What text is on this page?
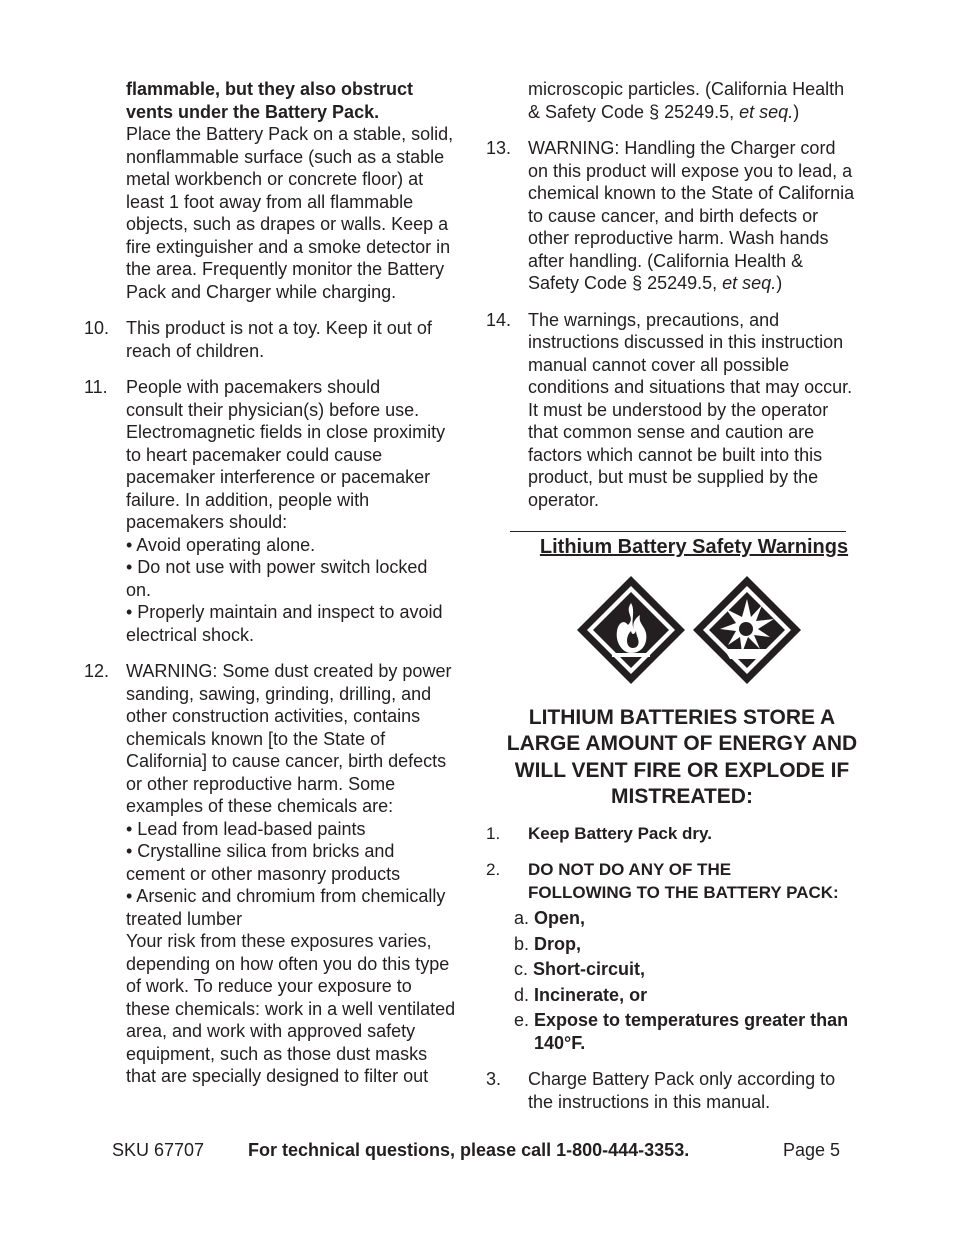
flammable, but they also obstruct
vents under the Battery Pack.
Place the Battery Pack on a stable, solid,
nonflammable surface (such as a stable
metal workbench or concrete floor) at
least 1 foot away from all flammable
objects, such as drapes or walls. Keep a
fire extinguisher and a smoke detector in
the area. Frequently monitor the Battery
Pack and Charger while charging.
10. This product is not a toy. Keep it out of
reach of children.
11. People with pacemakers should
consult their physician(s) before use.
Electromagnetic fields in close proximity
to heart pacemaker could cause
pacemaker interference or pacemaker
failure. In addition, people with
pacemakers should:
• Avoid operating alone.
• Do not use with power switch locked
on.
• Properly maintain and inspect to avoid
electrical shock.
12. WARNING: Some dust created by power
sanding, sawing, grinding, drilling, and
other construction activities, contains
chemicals known [to the State of
California] to cause cancer, birth defects
or other reproductive harm. Some
examples of these chemicals are:
• Lead from lead-based paints
• Crystalline silica from bricks and
cement or other masonry products
• Arsenic and chromium from chemically
treated lumber
Your risk from these exposures varies,
depending on how often you do this type
of work. To reduce your exposure to
these chemicals: work in a well ventilated
area, and work with approved safety
equipment, such as those dust masks
that are specially designed to filter out
microscopic particles. (California Health
& Safety Code § 25249.5, et seq.)
13. WARNING: Handling the Charger cord
on this product will expose you to lead, a
chemical known to the State of California
to cause cancer, and birth defects or
other reproductive harm. Wash hands
after handling. (California Health &
Safety Code § 25249.5, et seq.)
14. The warnings, precautions, and
instructions discussed in this instruction
manual cannot cover all possible
conditions and situations that may occur.
It must be understood by the operator
that common sense and caution are
factors which cannot be built into this
product, but must be supplied by the
operator.
Lithium Battery Safety Warnings
LITHIUM BATTERIES STORE A
LARGE AMOUNT OF ENERGY AND
WILL VENT FIRE OR EXPLODE IF
MISTREATED:
1. Keep Battery Pack dry.
2. DO NOT DO ANY OF THE
FOLLOWING TO THE BATTERY PACK:
a. Open,
b. Drop,
c. Short-circuit,
d. Incinerate, or
e. Expose to temperatures greater than
140°F.
3. Charge Battery Pack only according to
the instructions in this manual.
SKU 67707 For technical questions, please call 1-800-444-3353.	Page 5
